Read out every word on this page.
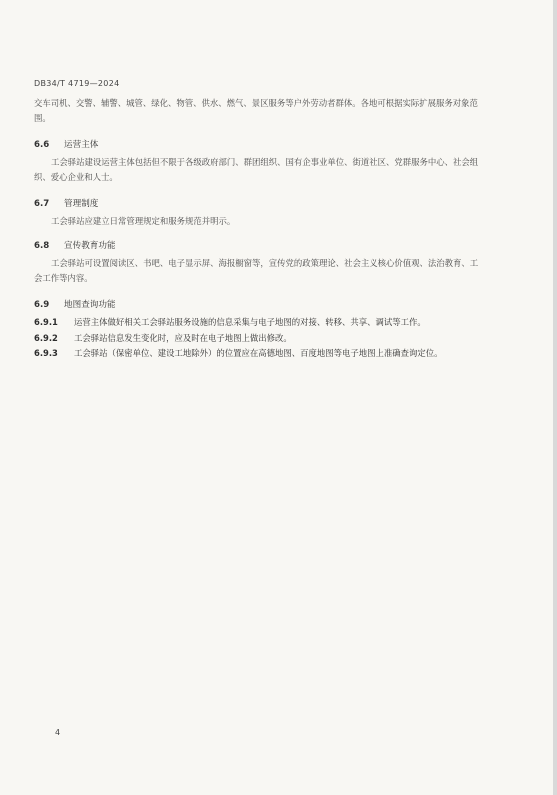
DB34/T 4719—2024
交车司机、交警、辅警、城管、绿化、物管、供水、燃气、景区服务等户外劳动者群体。各地可根据实际扩展服务对象范围。
6.6 运营主体
工会驿站建设运营主体包括但不限于各级政府部门、群团组织、国有企事业单位、街道社区、党群服务中心、社会组织、爱心企业和人士。
6.7 管理制度
工会驿站应建立日常管理规定和服务规范并明示。
6.8 宣传教育功能
工会驿站可设置阅读区、书吧、电子显示屏、海报橱窗等，宣传党的政策理论、社会主义核心价值观、法治教育、工会工作等内容。
6.9 地图查询功能
6.9.1 运营主体做好相关工会驿站服务设施的信息采集与电子地图的对接、转移、共享、调试等工作。
6.9.2 工会驿站信息发生变化时，应及时在电子地图上做出修改。
6.9.3 工会驿站（保密单位、建设工地除外）的位置应在高德地图、百度地图等电子地图上准确查询定位。
4
